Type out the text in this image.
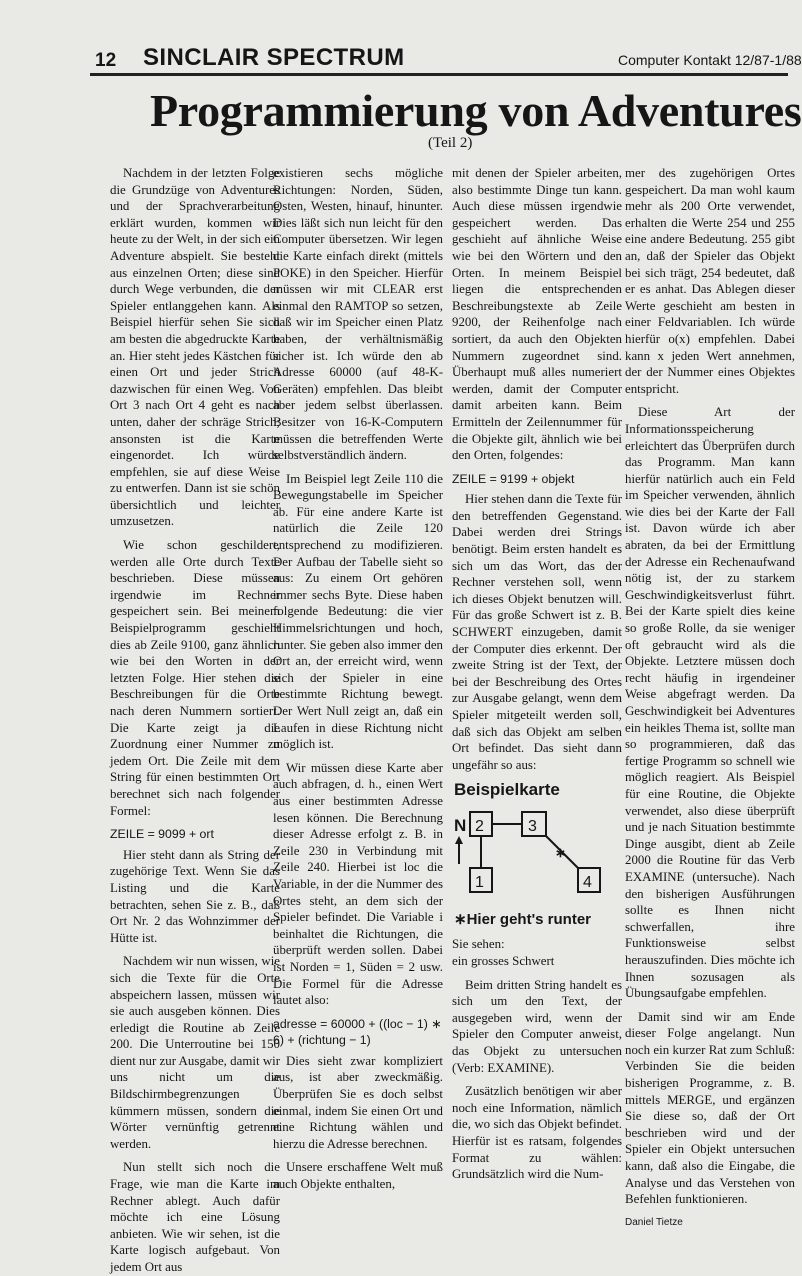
12 SINCLAIR SPECTRUM	Computer Kontakt 12/87-1/88
Programmierung von Adventures
(Teil 2)

Nachdem in der letzten Folge die Grundzüge von Adventures und der Sprachverarbeitung erklärt wurden, kommen wir heute zu der Welt, in der sich ein Adventure abspielt. Sie besteht aus einzelnen Orten; diese sind durch Wege verbunden, die der Spieler entlanggehen kann. Als Beispiel hierfür sehen Sie sich am besten die abgedruckte Karte an. Hier steht jedes Kästchen für einen Ort und jeder Strich dazwischen für einen Weg. Von Ort 3 nach Ort 4 geht es nach unten, daher der schräge Strich; ansonsten ist die Karte eingenordet. Ich würde empfehlen, sie auf diese Weise zu entwerfen. Dann ist sie schön übersichtlich und leichter umzusetzen.

Wie schon geschildert, werden alle Orte durch Texte beschrieben. Diese müssen irgendwie im Rechner gespeichert sein. Bei meinem Beispielprogramm geschieht dies ab Zeile 9100, ganz ähnlich wie bei den Worten in der letzten Folge. Hier stehen die Beschreibungen für die Orte nach deren Nummern sortiert. Die Karte zeigt ja die Zuordnung einer Nummer zu jedem Ort. Die Zeile mit dem String für einen bestimmten Ort berechnet sich nach folgender Formel:

ZEILE = 9099 + ort

Hier steht dann als String der zugehörige Text. Wenn Sie das Listing und die Karte betrachten, sehen Sie z. B., daß Ort Nr. 2 das Wohnzimmer der Hütte ist.

Nachdem wir nun wissen, wie sich die Texte für die Orte abspeichern lassen, müssen wir sie auch ausgeben können. Dies erledigt die Routine ab Zeile 200. Die Unterroutine bei 150 dient nur zur Ausgabe, damit wir uns nicht um die Bildschirmbegrenzungen kümmern müssen, sondern die Wörter vernünftig getrennt werden.

Nun stellt sich noch die Frage, wie man die Karte im Rechner ablegt. Auch dafür möchte ich eine Lösung anbieten. Wie wir sehen, ist die Karte logisch aufgebaut. Von jedem Ort aus

existieren sechs mögliche Richtungen: Norden, Süden, Osten, Westen, hinauf, hinunter. Dies läßt sich nun leicht für den Computer übersetzen. Wir legen die Karte einfach direkt (mittels POKE) in den Speicher. Hierfür müssen wir mit CLEAR erst einmal den RAMTOP so setzen, daß wir im Speicher einen Platz haben, der verhältnismäßig sicher ist. Ich würde den ab Adresse 60000 (auf 48-K-Geräten) empfehlen. Das bleibt aber jedem selbst überlassen. Besitzer von 16-K-Computern müssen die betreffenden Werte selbstverständlich ändern.

Im Beispiel legt Zeile 110 die Bewegungstabelle im Speicher ab. Für eine andere Karte ist natürlich die Zeile 120 entsprechend zu modifizieren. Der Aufbau der Tabelle sieht so aus: Zu einem Ort gehören immer sechs Byte. Diese haben folgende Bedeutung: die vier Himmelsrichtungen und hoch, runter. Sie geben also immer den Ort an, der erreicht wird, wenn sich der Spieler in eine bestimmte Richtung bewegt. Der Wert Null zeigt an, daß ein Laufen in diese Richtung nicht möglich ist.

Wir müssen diese Karte aber auch abfragen, d. h., einen Wert aus einer bestimmten Adresse lesen können. Die Berechnung dieser Adresse erfolgt z. B. in Zeile 230 in Verbindung mit Zeile 240. Hierbei ist loc die Variable, in der die Nummer des Ortes steht, an dem sich der Spieler befindet. Die Variable i beinhaltet die Richtungen, die überprüft werden sollen. Dabei ist Norden = 1, Süden = 2 usw. Die Formel für die Adresse lautet also:

adresse = 60000 + ((loc − 1) ∗ 6) + (richtung − 1)

Dies sieht zwar kompliziert aus, ist aber zweckmäßig. Überprüfen Sie es doch selbst einmal, indem Sie einen Ort und eine Richtung wählen und hierzu die Adresse berechnen.

Unsere erschaffene Welt muß auch Objekte enthalten,

mit denen der Spieler arbeiten, also bestimmte Dinge tun kann. Auch diese müssen irgendwie gespeichert werden. Das geschieht auf ähnliche Weise wie bei den Wörtern und den Orten. In meinem Beispiel liegen die entsprechenden Beschreibungstexte ab Zeile 9200, der Reihenfolge nach sortiert, da auch den Objekten Nummern zugeordnet sind. Überhaupt muß alles numeriert werden, damit der Computer damit arbeiten kann. Beim Ermitteln der Zeilennummer für die Objekte gilt, ähnlich wie bei den Orten, folgendes:

ZEILE = 9199 + objekt

Hier stehen dann die Texte für den betreffenden Gegenstand. Dabei werden drei Strings benötigt. Beim ersten handelt es sich um das Wort, das der Rechner verstehen soll, wenn ich dieses Objekt benutzen will. Für das große Schwert ist z. B. SCHWERT einzugeben, damit der Computer dies erkennt. Der zweite String ist der Text, der bei der Beschreibung des Ortes zur Ausgabe gelangt, wenn dem Spieler mitgeteilt werden soll, daß sich das Objekt am selben Ort befindet. Das sieht dann ungefähr so aus:

Beispielkarte
N 2	3
1
∗
4
∗Hier geht's runter

Sie sehen:

ein grosses Schwert

Beim dritten String handelt es sich um den Text, der ausgegeben wird, wenn der Spieler den Computer anweist, das Objekt zu untersuchen (Verb: EXAMINE).

Zusätzlich benötigen wir aber noch eine Information, nämlich die, wo sich das Objekt befindet. Hierfür ist es ratsam, folgendes Format zu wählen: Grundsätzlich wird die Num-

mer des zugehörigen Ortes gespeichert. Da man wohl kaum mehr als 200 Orte verwendet, erhalten die Werte 254 und 255 eine andere Bedeutung. 255 gibt an, daß der Spieler das Objekt bei sich trägt, 254 bedeutet, daß er es anhat. Das Ablegen dieser Werte geschieht am besten in einer Feldvariablen. Ich würde hierfür o(x) empfehlen. Dabei kann x jeden Wert annehmen, der der Nummer eines Objektes entspricht.

Diese Art der Informationsspeicherung erleichtert das Überprüfen durch das Programm. Man kann hierfür natürlich auch ein Feld im Speicher verwenden, ähnlich wie dies bei der Karte der Fall ist. Davon würde ich aber abraten, da bei der Ermittlung der Adresse ein Rechenaufwand nötig ist, der zu starkem Geschwindigkeitsverlust führt. Bei der Karte spielt dies keine so große Rolle, da sie weniger oft gebraucht wird als die Objekte. Letztere müssen doch recht häufig in irgendeiner Weise abgefragt werden. Da Geschwindigkeit bei Adventures ein heikles Thema ist, sollte man so programmieren, daß das fertige Programm so schnell wie möglich reagiert. Als Beispiel für eine Routine, die Objekte verwendet, also diese überprüft und je nach Situation bestimmte Dinge ausgibt, dient ab Zeile 2000 die Routine für das Verb EXAMINE (untersuche). Nach den bisherigen Ausführungen sollte es Ihnen nicht schwerfallen, ihre Funktionsweise selbst herauszufinden. Dies möchte ich Ihnen sozusagen als Übungsaufgabe empfehlen.

Damit sind wir am Ende dieser Folge angelangt. Nun noch ein kurzer Rat zum Schluß: Verbinden Sie die beiden bisherigen Programme, z. B. mittels MERGE, und ergänzen Sie diese so, daß der Ort beschrieben wird und der Spieler ein Objekt untersuchen kann, daß also die Eingabe, die Analyse und das Verstehen von Befehlen funktionieren.

Daniel Tietze
